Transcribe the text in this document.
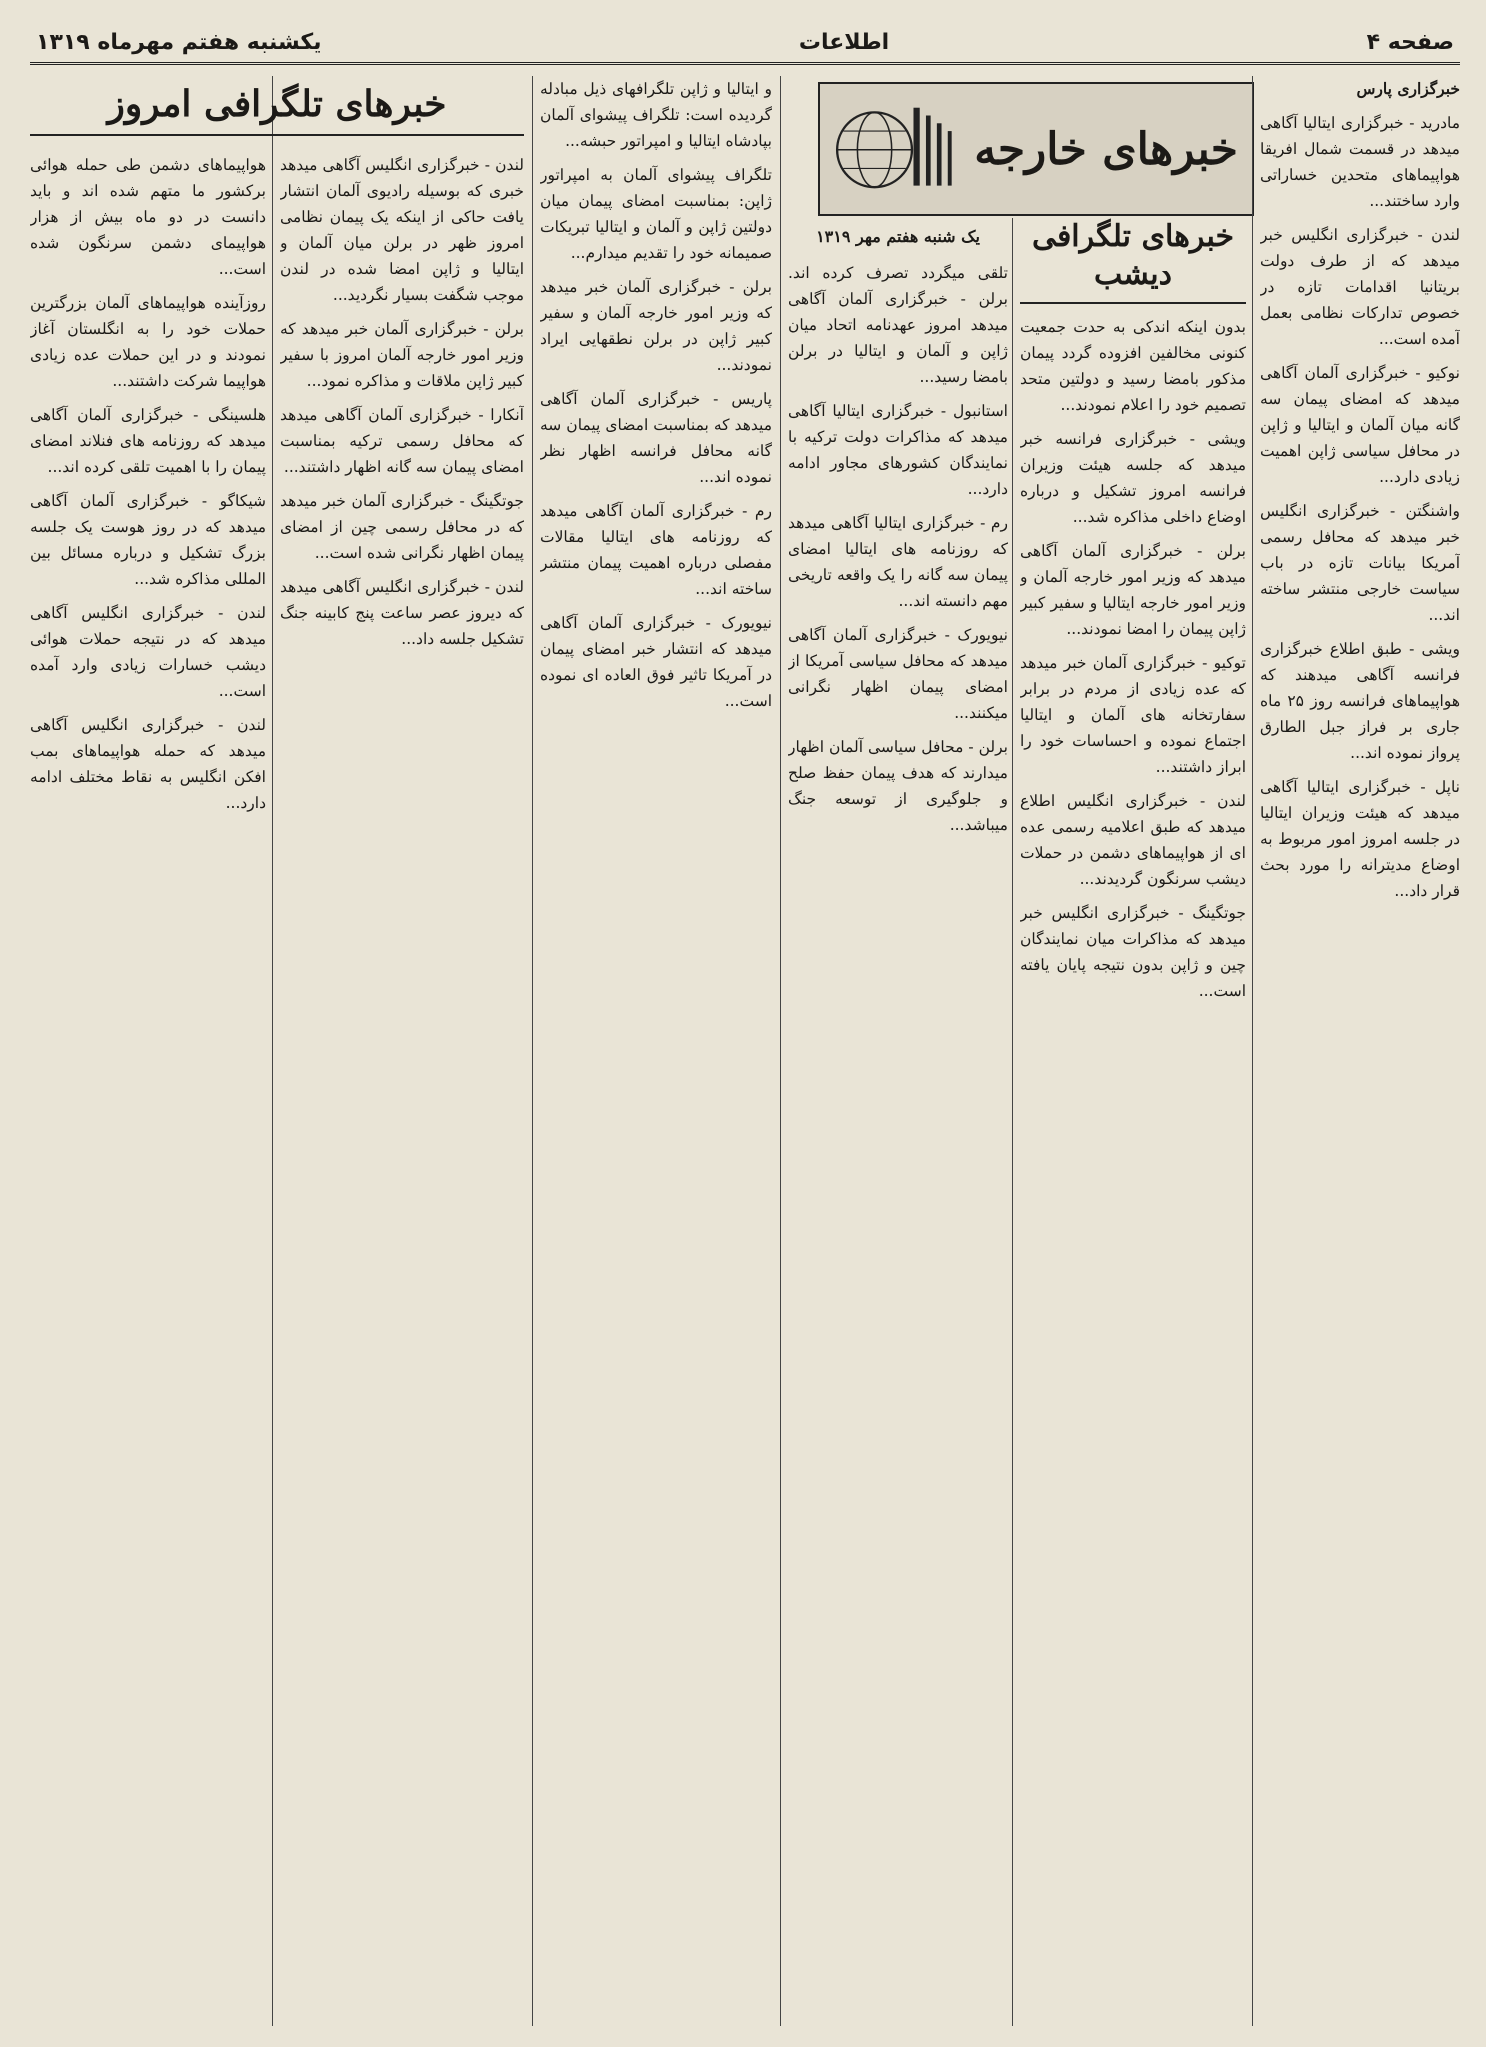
صفحه ۴
اطلاعات
یکشنبه هفتم مهرماه ۱۳۱۹
خبرهای خارجه

خبرگزاری پارس

مادرید - خبرگزاری ایتالیا آگاهی میدهد در قسمت شمال افریقا هواپیماهای متحدین خساراتی وارد ساختند...

لندن - خبرگزاری انگلیس خبر میدهد که از طرف دولت بریتانیا اقدامات تازه در خصوص تدارکات نظامی بعمل آمده است...

نوکیو - خبرگزاری آلمان آگاهی میدهد که امضای پیمان سه گانه میان آلمان و ایتالیا و ژاپن در محافل سیاسی ژاپن اهمیت زیادی دارد...

واشنگتن - خبرگزاری انگلیس خبر میدهد که محافل رسمی آمریکا بیانات تازه در باب سیاست خارجی منتشر ساخته اند...

ویشی - طبق اطلاع خبرگزاری فرانسه آگاهی میدهند که هواپیماهای فرانسه روز ۲۵ ماه جاری بر فراز جبل الطارق پرواز نموده اند...

ناپل - خبرگزاری ایتالیا آگاهی میدهد که هیئت وزیران ایتالیا در جلسه امروز امور مربوط به اوضاع مدیترانه را مورد بحث قرار داد...

خبرهای تلگرافی دیشب

بدون اینکه اندکی به حدت جمعیت کنونی مخالفین افزوده گردد پیمان مذکور بامضا رسید و دولتین متحد تصمیم خود را اعلام نمودند...

ویشی - خبرگزاری فرانسه خبر میدهد که جلسه هیئت وزیران فرانسه امروز تشکیل و درباره اوضاع داخلی مذاکره شد...

برلن - خبرگزاری آلمان آگاهی میدهد که وزیر امور خارجه آلمان و وزیر امور خارجه ایتالیا و سفیر کبیر ژاپن پیمان را امضا نمودند...

توکیو - خبرگزاری آلمان خبر میدهد که عده زیادی از مردم در برابر سفارتخانه های آلمان و ایتالیا اجتماع نموده و احساسات خود را ابراز داشتند...

لندن - خبرگزاری انگلیس اطلاع میدهد که طبق اعلامیه رسمی عده ای از هواپیماهای دشمن در حملات دیشب سرنگون گردیدند...

جوتگینگ - خبرگزاری انگلیس خبر میدهد که مذاکرات میان نمایندگان چین و ژاپن بدون نتیجه پایان یافته است...

یک شنبه هفتم مهر ۱۳۱۹

تلقی میگردد تصرف کرده اند. برلن - خبرگزاری آلمان آگاهی میدهد امروز عهدنامه اتحاد میان ژاپن و آلمان و ایتالیا در برلن بامضا رسید...

استانبول - خبرگزاری ایتالیا آگاهی میدهد که مذاکرات دولت ترکیه با نمایندگان کشورهای مجاور ادامه دارد...

رم - خبرگزاری ایتالیا آگاهی میدهد که روزنامه های ایتالیا امضای پیمان سه گانه را یک واقعه تاریخی مهم دانسته اند...

نیویورک - خبرگزاری آلمان آگاهی میدهد که محافل سیاسی آمریکا از امضای پیمان اظهار نگرانی میکنند...

برلن - محافل سیاسی آلمان اظهار میدارند که هدف پیمان حفظ صلح و جلوگیری از توسعه جنگ میباشد...

و ایتالیا و ژاپن تلگرافهای ذیل مبادله گردیده است: تلگراف پیشوای آلمان بپادشاه ایتالیا و امپراتور حبشه...

تلگراف پیشوای آلمان به امپراتور ژاپن: بمناسبت امضای پیمان میان دولتین ژاپن و آلمان و ایتالیا تبریکات صمیمانه خود را تقدیم میدارم...

برلن - خبرگزاری آلمان خبر میدهد که وزیر امور خارجه آلمان و سفیر کبیر ژاپن در برلن نطقهایی ایراد نمودند...

پاریس - خبرگزاری آلمان آگاهی میدهد که بمناسبت امضای پیمان سه گانه محافل فرانسه اظهار نظر نموده اند...

رم - خبرگزاری آلمان آگاهی میدهد که روزنامه های ایتالیا مقالات مفصلی درباره اهمیت پیمان منتشر ساخته اند...

نیویورک - خبرگزاری آلمان آگاهی میدهد که انتشار خبر امضای پیمان در آمریکا تاثیر فوق العاده ای نموده است...

لندن - خبرگزاری انگلیس آگاهی میدهد خبری که بوسیله رادیوی آلمان انتشار یافت حاکی از اینکه یک پیمان نظامی امروز ظهر در برلن میان آلمان و ایتالیا و ژاپن امضا شده در لندن موجب شگفت بسیار نگردید...

برلن - خبرگزاری آلمان خبر میدهد که وزیر امور خارجه آلمان امروز با سفیر کبیر ژاپن ملاقات و مذاکره نمود...

آنکارا - خبرگزاری آلمان آگاهی میدهد که محافل رسمی ترکیه بمناسبت امضای پیمان سه گانه اظهار داشتند...

جوتگینگ - خبرگزاری آلمان خبر میدهد که در محافل رسمی چین از امضای پیمان اظهار نگرانی شده است...

لندن - خبرگزاری انگلیس آگاهی میدهد که دیروز عصر ساعت پنج کابینه جنگ تشکیل جلسه داد...

هواپیماهای دشمن طی حمله هوائی برکشور ما متهم شده اند و باید دانست در دو ماه بیش از هزار هواپیمای دشمن سرنگون شده است...

روزآینده هواپیماهای آلمان بزرگترین حملات خود را به انگلستان آغاز نمودند و در این حملات عده زیادی هواپیما شرکت داشتند...

هلسینگی - خبرگزاری آلمان آگاهی میدهد که روزنامه های فنلاند امضای پیمان را با اهمیت تلقی کرده اند...

شیکاگو - خبرگزاری آلمان آگاهی میدهد که در روز هوست یک جلسه بزرگ تشکیل و درباره مسائل بین المللی مذاکره شد...

لندن - خبرگزاری انگلیس آگاهی میدهد که در نتیجه حملات هوائی دیشب خسارات زیادی وارد آمده است...

لندن - خبرگزاری انگلیس آگاهی میدهد که حمله هواپیماهای بمب افکن انگلیس به نقاط مختلف ادامه دارد...

خبرهای تلگرافی امروز
